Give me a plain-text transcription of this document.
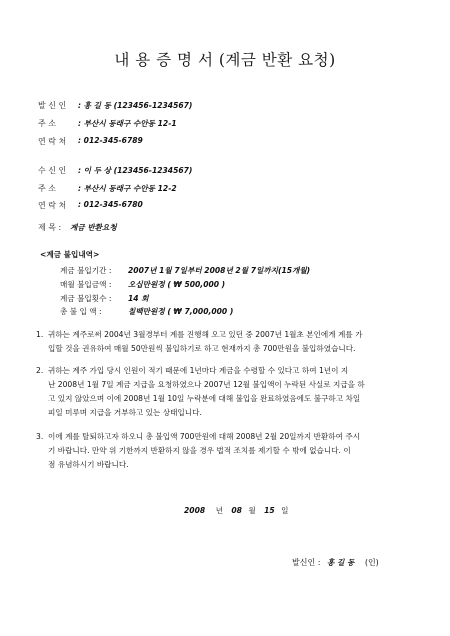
내 용 증 명 서 (계금 반환 요청)
발 신 인 : 홍 길 동 (123456-1234567)
주 소	: 부산시 동래구 수안동 12-1
연 락 처 : 012-345-6789
수 신 인 : 이 두 상 (123456-1234567)
주 소	: 부산시 동래구 수안동 12-2
연 락 처 : 012-345-6780
제 목 : 계금 반환요청
<계금 불입내역>
계금 불입기간 : 2007년 1월 7일부터 2008년 2월 7일까지(15개월)
매월 불입금액 : 오십만원정 ( ₩ 500,000 )
계금 불입횟수 : 14 회
총 불 입 액 :	칠백만원정 ( ₩ 7,000,000 )
1. 귀하는 계주로써 2004년 3월경부터 계를 진행해 오고 있던 중 2007년 1월초 본인에게 계를 가
입할 것을 권유하여 매월 50만원씩 불입하기로 하고 현재까지 총 700만원을 불입하였습니다.
2. 귀하는 계주 가입 당시 인원이 적기 때문에 1년마다 계금을 수령할 수 있다고 하여 1년이 지
난 2008년 1월 7일 계금 지급을 요청하였으나 2007년 12월 불입액이 누락된 사실로 지급을 하
고 있지 않았으며 이에 2008년 1월 10일 누락분에 대해 불입을 완료하였음에도 불구하고 차일
피일 미루며 지급을 거부하고 있는 상태입니다.
3. 이에 계를 탈퇴하고자 하오니 총 불입액 700만원에 대해 2008년 2월 20일까지 반환하여 주시
기 바랍니다. 만약 위 기한까지 반환하지 않을 경우 법적 조치를 제기할 수 밖에 없습니다. 이
점 유념하시기 바랍니다.
2008 년 08 월 15 일
발신인 : 홍 길 동 (인)
